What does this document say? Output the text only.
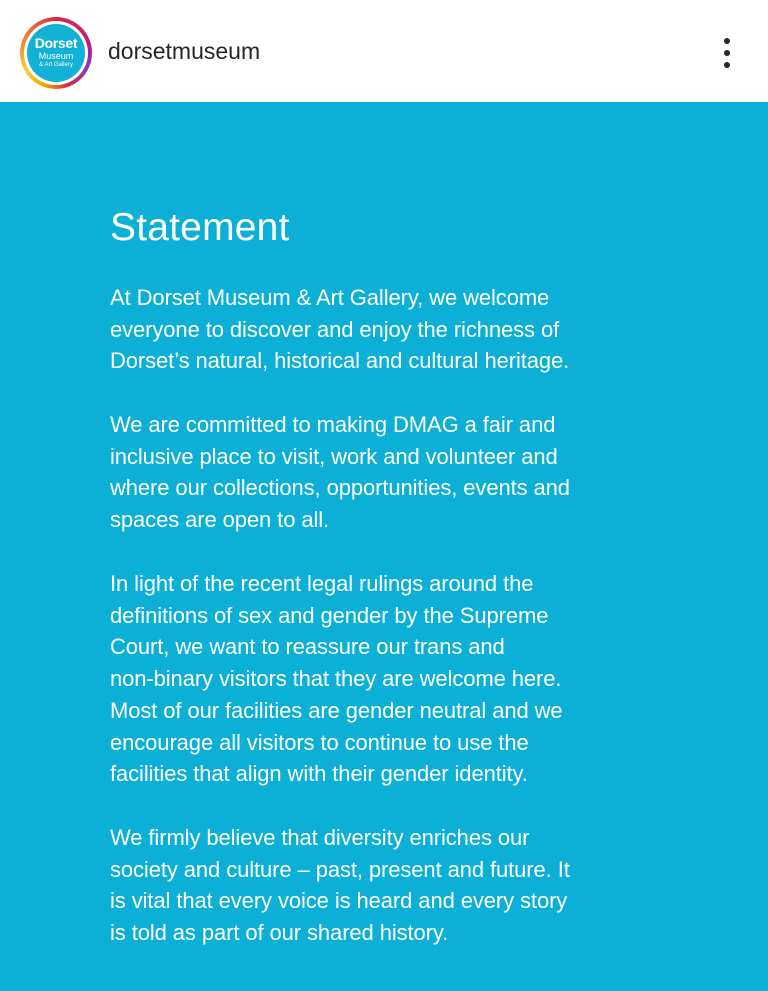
Dorset
Museum
& Art Gallery
dorsetmuseum
Statement
At Dorset Museum & Art Gallery, we welcome
everyone to discover and enjoy the richness of
Dorset’s natural, historical and cultural heritage.
We are committed to making DMAG a fair and
inclusive place to visit, work and volunteer and
where our collections, opportunities, events and
spaces are open to all.
In light of the recent legal rulings around the
definitions of sex and gender by the Supreme
Court, we want to reassure our trans and
non-binary visitors that they are welcome here.
Most of our facilities are gender neutral and we
encourage all visitors to continue to use the
facilities that align with their gender identity.
We firmly believe that diversity enriches our
society and culture – past, present and future. It
is vital that every voice is heard and every story
is told as part of our shared history.
